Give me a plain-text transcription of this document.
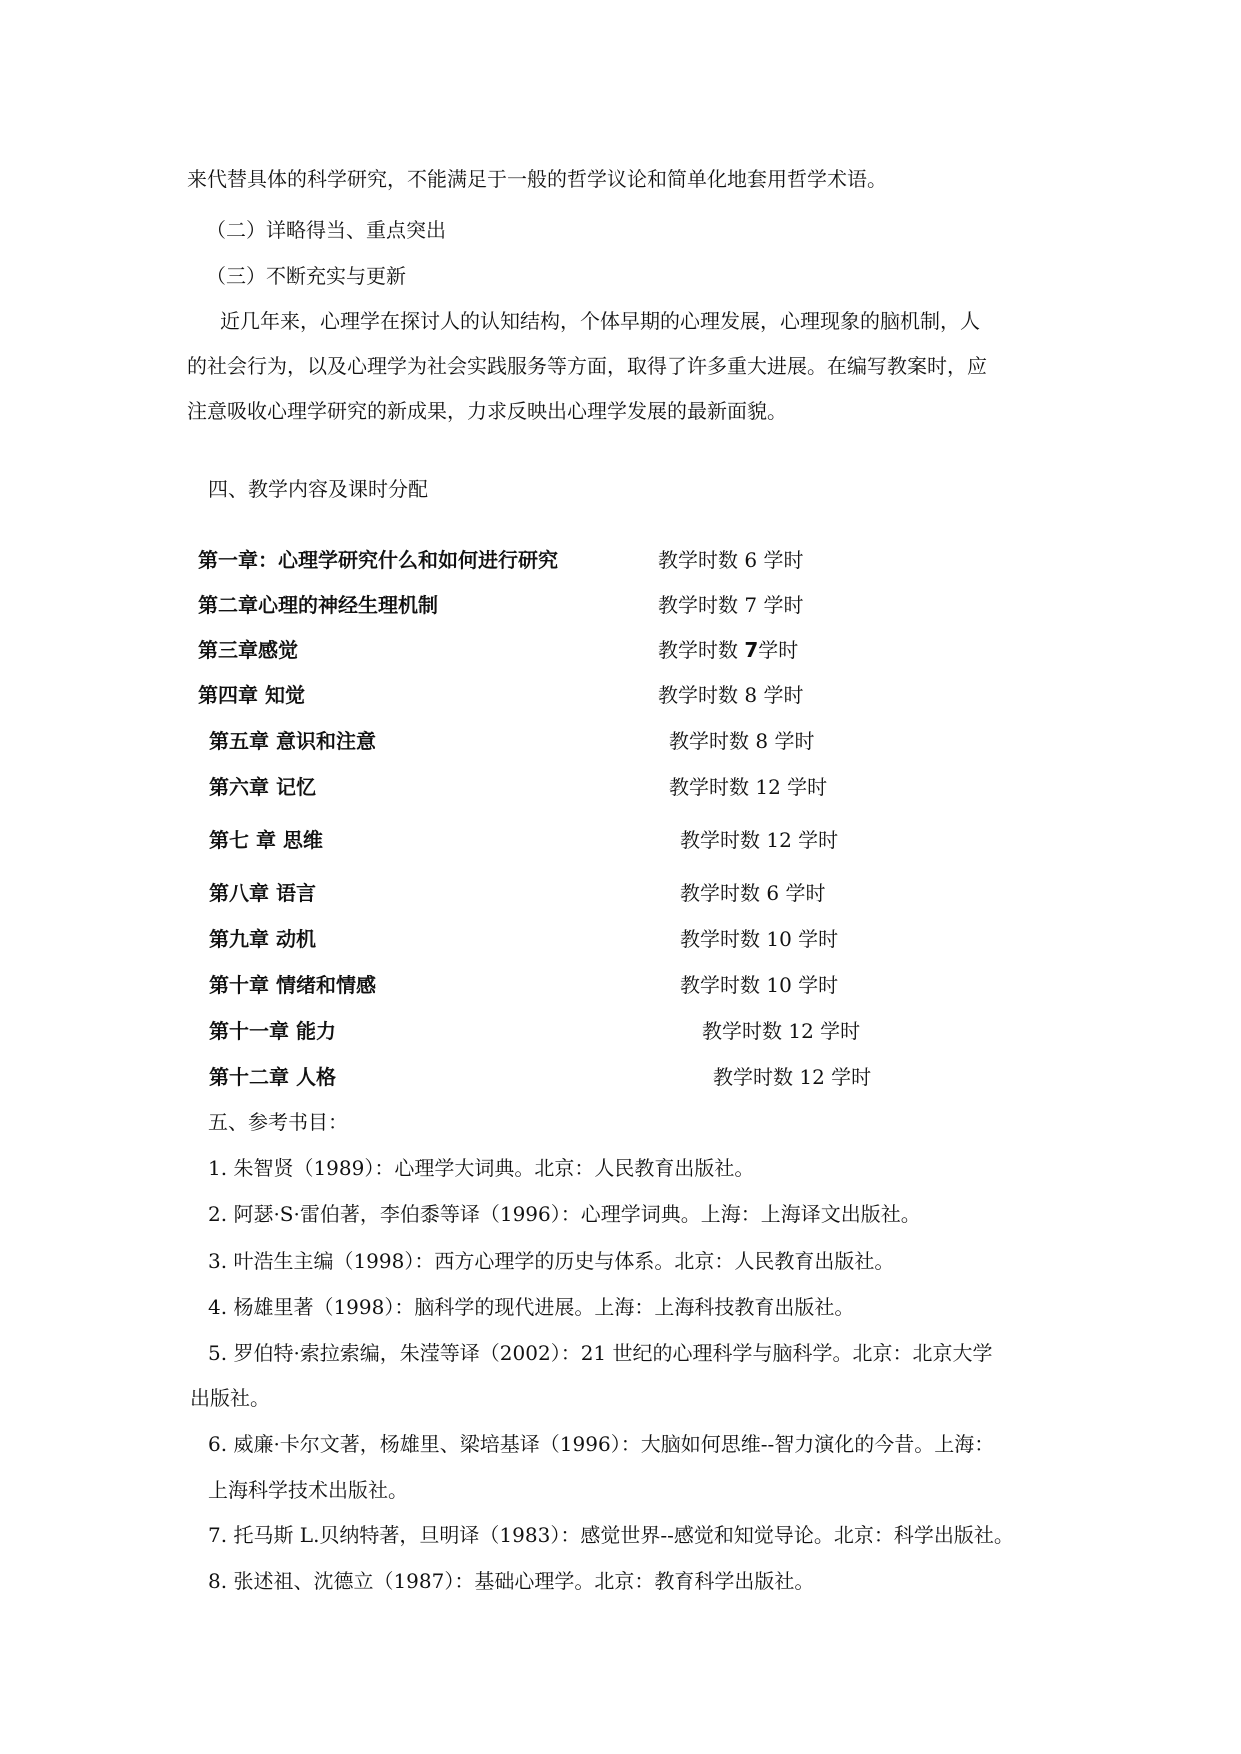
来代替具体的科学研究，不能满足于一般的哲学议论和简单化地套用哲学术语。
（二）详略得当、重点突出
（三）不断充实与更新
近几年来，心理学在探讨人的认知结构，个体早期的心理发展，心理现象的脑机制，人
的社会行为，以及心理学为社会实践服务等方面，取得了许多重大进展。在编写教案时，应
注意吸收心理学研究的新成果，力求反映出心理学发展的最新面貌。
四、教学内容及课时分配
第一章：心理学研究什么和如何进行研究	教学时数 6 学时
第二章心理的神经生理机制	教学时数 7 学时
第三章感觉	教学时数 7学时
第四章 知觉	教学时数 8 学时
第五章 意识和注意	教学时数 8 学时
第六章 记忆	教学时数 12 学时
第七 章 思维	教学时数 12 学时
第八章 语言	教学时数 6 学时
第九章 动机	教学时数 10 学时
第十章 情绪和情感	教学时数 10 学时
第十一章 能力	教学时数 12 学时
第十二章 人格	教学时数 12 学时
五、参考书目：
1. 朱智贤（1989）：心理学大词典。北京：人民教育出版社。
2. 阿瑟·S·雷伯著，李伯黍等译（1996）：心理学词典。上海：上海译文出版社。
3. 叶浩生主编（1998）：西方心理学的历史与体系。北京：人民教育出版社。
4. 杨雄里著（1998）：脑科学的现代进展。上海：上海科技教育出版社。
5. 罗伯特·索拉索编，朱滢等译（2002）：21 世纪的心理科学与脑科学。北京：北京大学
出版社。
6. 威廉·卡尔文著，杨雄里、梁培基译（1996）：大脑如何思维--智力演化的今昔。上海：
上海科学技术出版社。
7. 托马斯 L.贝纳特著，旦明译（1983）：感觉世界--感觉和知觉导论。北京：科学出版社。
8. 张述祖、沈德立（1987）：基础心理学。北京：教育科学出版社。
